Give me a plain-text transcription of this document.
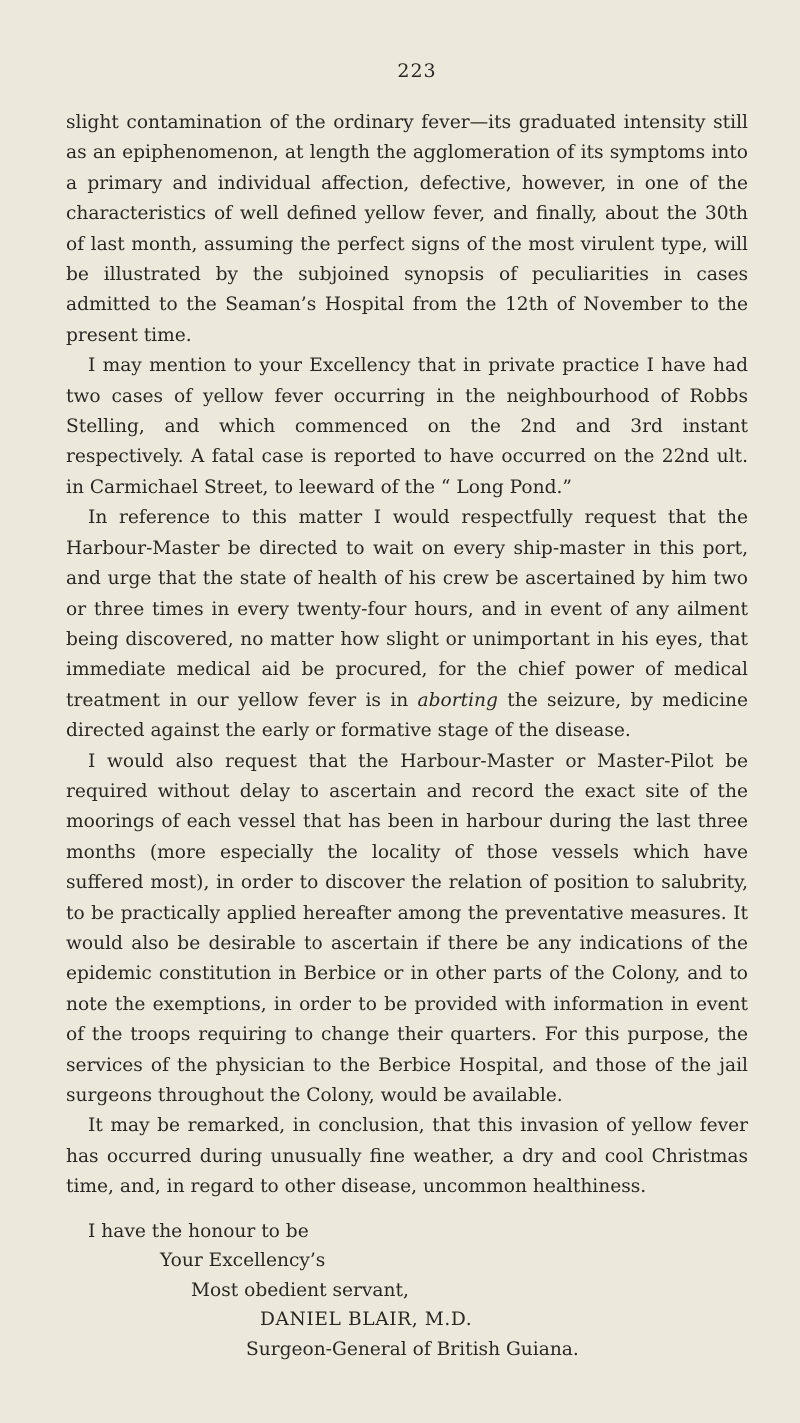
223

slight contamination of the ordinary fever—its graduated intensity still as an epiphenomenon, at length the agglomeration of its symptoms into a primary and individual affection, defective, however, in one of the characteristics of well defined yellow fever, and finally, about the 30th of last month, assuming the perfect signs of the most virulent type, will be illustrated by the subjoined synopsis of peculiarities in cases admitted to the Seaman’s Hospital from the 12th of November to the present time.

I may mention to your Excellency that in private practice I have had two cases of yellow fever occurring in the neighbourhood of Robbs Stelling, and which commenced on the 2nd and 3rd instant respectively. A fatal case is reported to have occurred on the 22nd ult. in Carmichael Street, to leeward of the “ Long Pond.”

In reference to this matter I would respectfully request that the Harbour-Master be directed to wait on every ship-master in this port, and urge that the state of health of his crew be ascertained by him two or three times in every twenty-four hours, and in event of any ailment being discovered, no matter how slight or unimportant in his eyes, that immediate medical aid be procured, for the chief power of medical treatment in our yellow fever is in aborting the seizure, by medicine directed against the early or formative stage of the disease.

I would also request that the Harbour-Master or Master-Pilot be required without delay to ascertain and record the exact site of the moorings of each vessel that has been in harbour during the last three months (more especially the locality of those vessels which have suffered most), in order to discover the relation of position to salubrity, to be practically applied hereafter among the preventative measures. It would also be desirable to ascertain if there be any indications of the epidemic constitution in Berbice or in other parts of the Colony, and to note the exemptions, in order to be provided with information in event of the troops requiring to change their quarters. For this purpose, the services of the physician to the Berbice Hospital, and those of the jail surgeons throughout the Colony, would be available.

It may be remarked, in conclusion, that this invasion of yellow fever has occurred during unusually fine weather, a dry and cool Christmas time, and, in regard to other disease, uncommon healthiness.

I have the honour to be
Your Excellency’s
Most obedient servant,
DANIEL BLAIR, M.D.
Surgeon-General of British Guiana.
